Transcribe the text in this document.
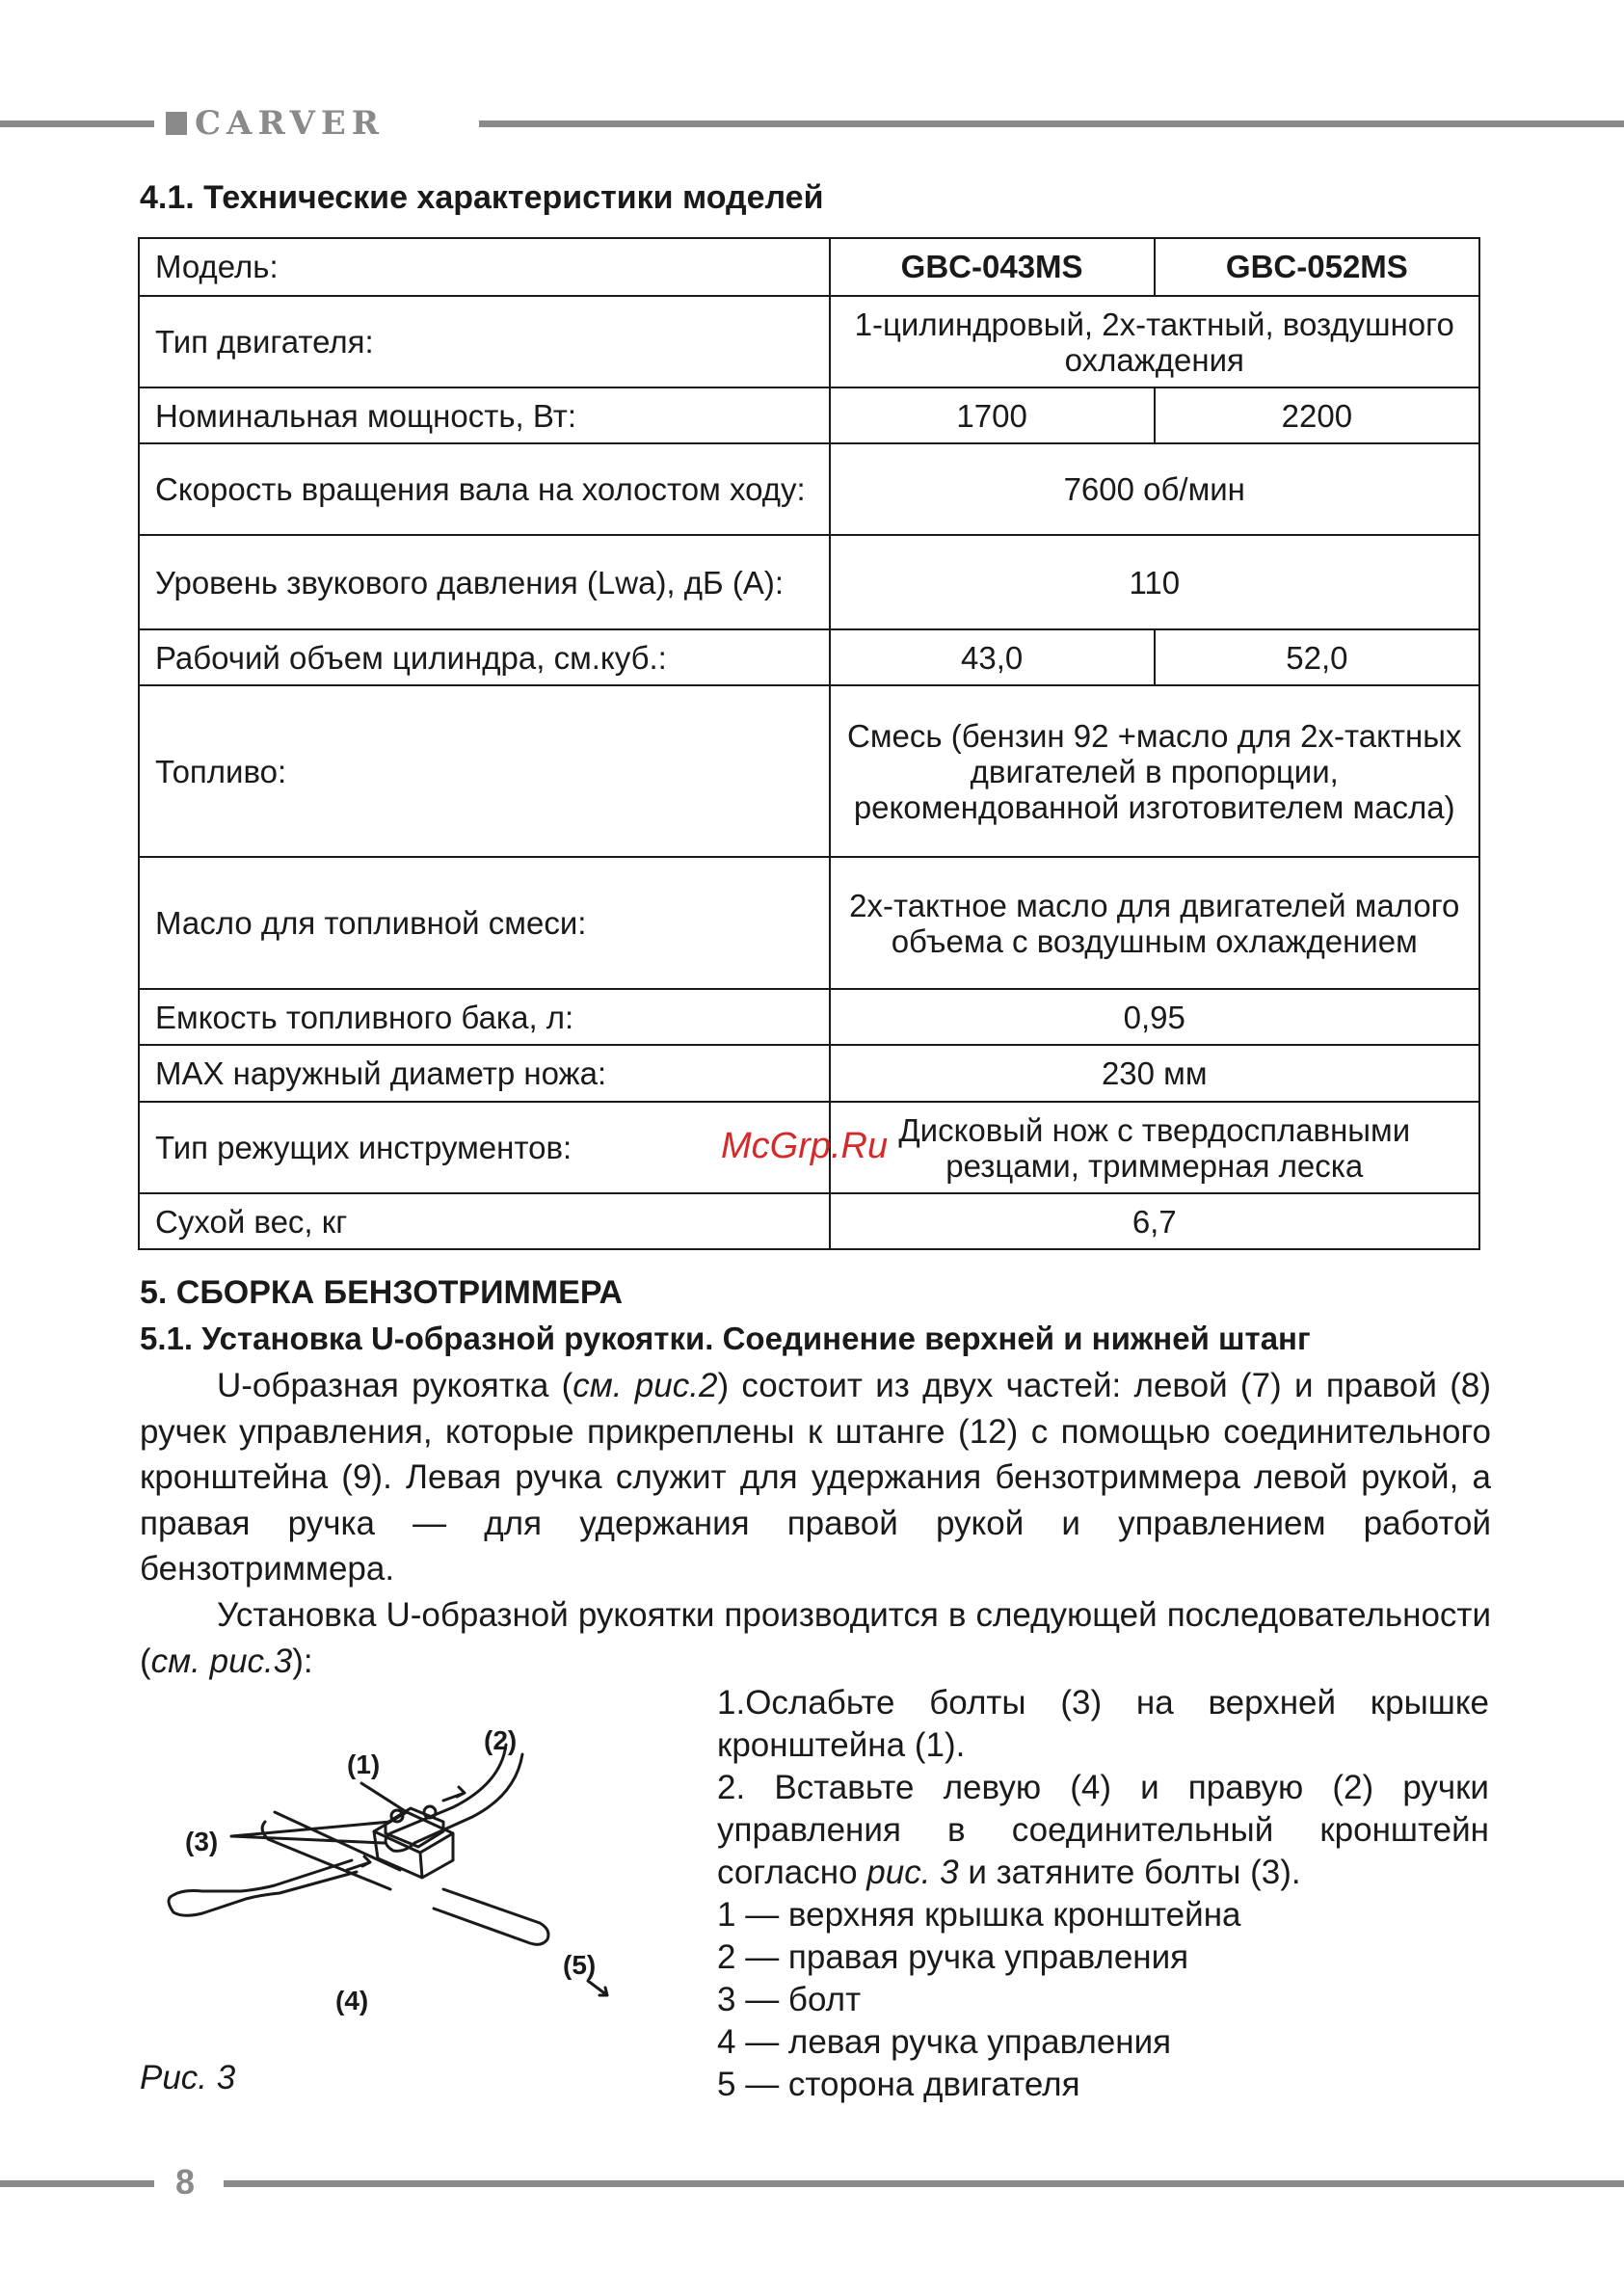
CARVER
4.1. Технические характеристики моделей
Модель:	GBC-043MS	GBC-052MS
Тип двигателя:	1-цилиндровый, 2х-тактный, воздушного охлаждения	
Номинальная мощность, Вт:	1700	2200
Скорость вращения вала на холостом ходу:	7600 об/мин	
Уровень звукового давления (Lwa), дБ (А):	110	
Рабочий объем цилиндра, см.куб.:	43,0	52,0
Топливо:	Смесь (бензин 92 +масло для 2х-тактных двигателей в пропорции, рекомендованной изготовителем масла)	
Масло для топливной смеси:	2х-тактное масло для двигателей малого объема с воздушным охлаждением	
Емкость топливного бака, л:	0,95	
MAX наружный диаметр ножа:	230 мм	
Тип режущих инструментов:	Дисковый нож с твердосплавными резцами, триммерная леска	
Сухой вес, кг	6,7	
McGrp.Ru
5. СБОРКА БЕНЗОТРИММЕРА
5.1. Установка U-образной рукоятки. Соединение верхней и нижней штанг

U-образная рукоятка (см. рис.2) состоит из двух частей: левой (7) и правой (8) ручек управления, которые прикреплены к штанге (12) с помощью соединительного кронштейна (9). Левая ручка служит для удержания бензотриммера левой рукой, а правая ручка — для удержания правой рукой и управлением работой бензотриммера.

Установка U-образной рукоятки производится в следующей последовательности (см. рис.3):

(1)
(2)
(3)
(4)
(5)

Рис. 3

1.Ослабьте болты (3) на верхней крышке кронштейна (1).

2. Вставьте левую (4) и правую (2) ручки управления в соединительный кронштейн согласно рис. 3 и затяните болты (3).

1 — верхняя крышка кронштейна
2 — правая ручка управления
3 — болт
4 — левая ручка управления
5 — сторона двигателя
8
